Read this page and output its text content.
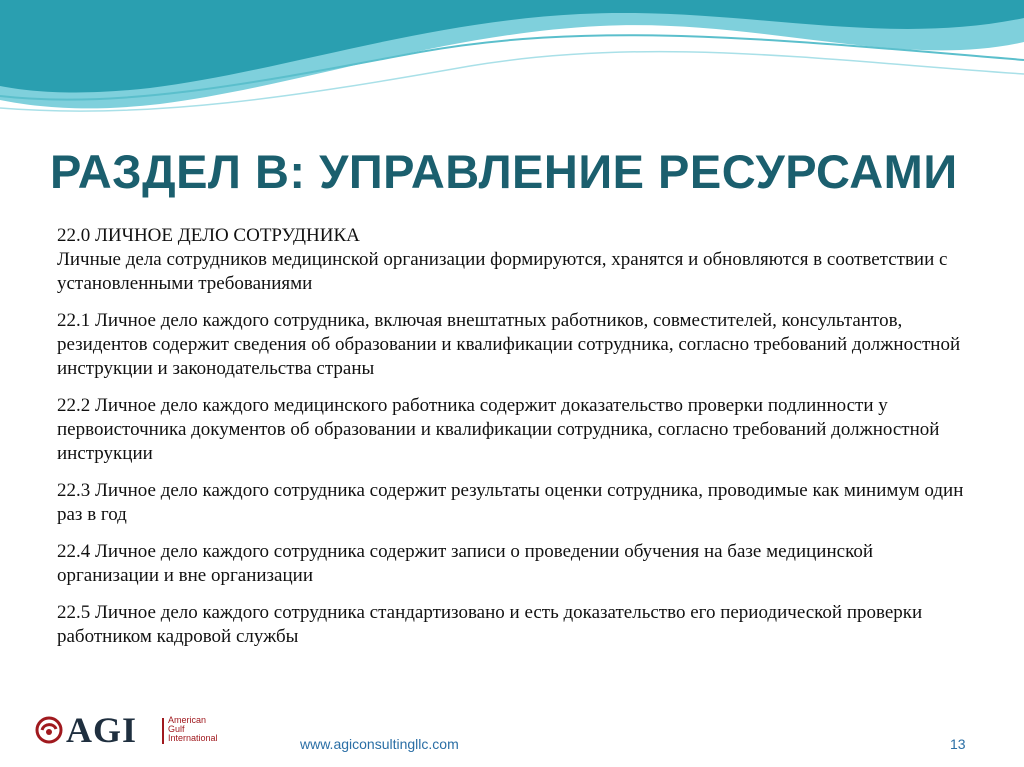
РАЗДЕЛ В: УПРАВЛЕНИЕ РЕСУРСАМИ

22.0 ЛИЧНОЕ ДЕЛО СОТРУДНИКА
Личные дела сотрудников медицинской организации формируются, хранятся и обновляются в соответствии с установленными требованиями

22.1 Личное дело каждого сотрудника, включая внештатных работников, совместителей, консультантов, резидентов содержит сведения об образовании и квалификации сотрудника, согласно требований должностной инструкции и законодательства страны

22.2 Личное дело каждого медицинского работника содержит доказательство проверки подлинности у первоисточника документов об образовании и квалификации сотрудника, согласно требований должностной инструкции

22.3 Личное дело каждого сотрудника содержит результаты оценки сотрудника, проводимые как минимум один раз в год

22.4 Личное дело каждого сотрудника содержит записи о проведении обучения на базе медицинской организации и вне организации

22.5 Личное дело каждого сотрудника стандартизовано и есть доказательство его периодической проверки работником кадровой службы

AGI	American
Gulf
International	www.agiconsultingllc.com	13
